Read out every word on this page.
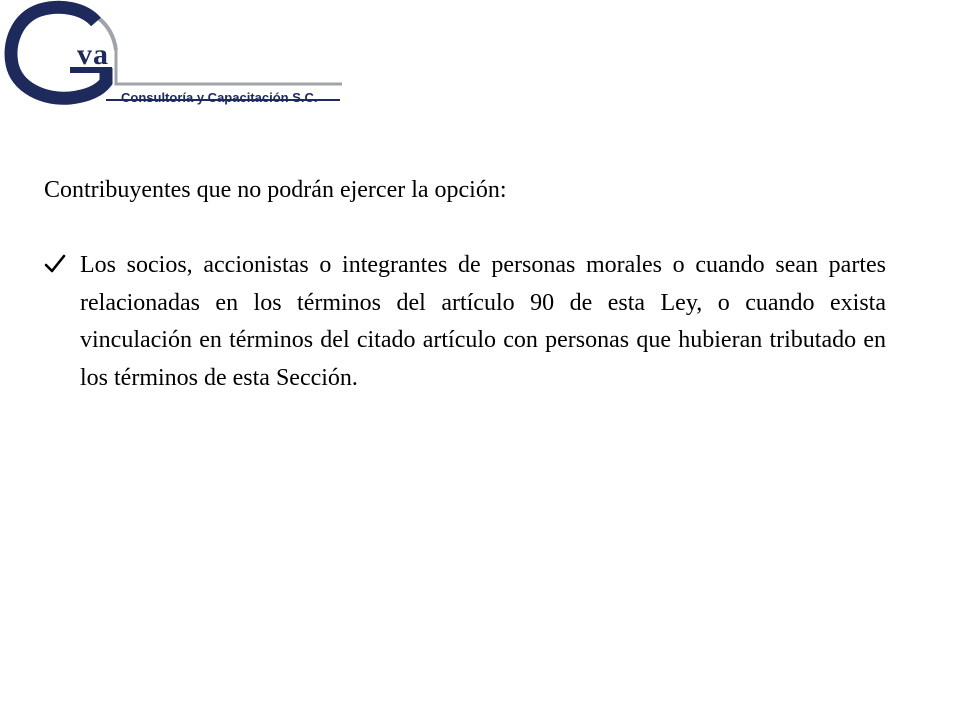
va
Consultoría y Capacitación S.C.
Contribuyentes que no podrán ejercer la opción:
Los socios, accionistas o integrantes de personas morales o cuando sean partes relacionadas en los términos del artículo 90 de esta Ley, o cuando exista vinculación en términos del citado artículo con personas que hubieran tributado en los términos de esta Sección.
